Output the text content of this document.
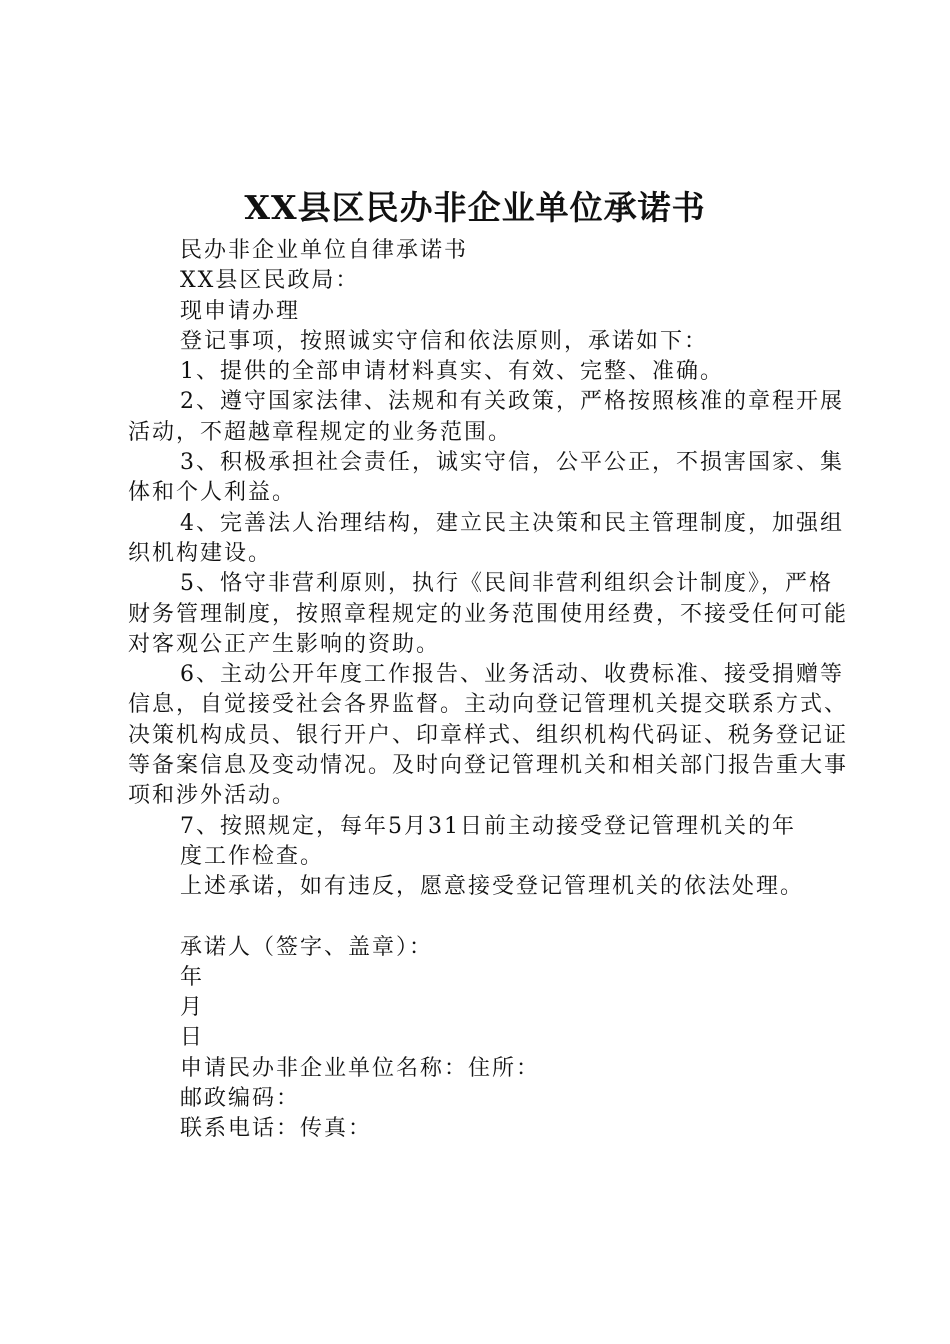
XX县区民办非企业单位承诺书
民办非企业单位自律承诺书
XX县区民政局：
现申请办理
登记事项，按照诚实守信和依法原则，承诺如下：
1、提供的全部申请材料真实、有效、完整、准确。
2、遵守国家法律、法规和有关政策，严格按照核准的章程开展活动，不超越章程规定的业务范围。
3、积极承担社会责任，诚实守信，公平公正，不损害国家、集体和个人利益。
4、完善法人治理结构，建立民主决策和民主管理制度，加强组织机构建设。
5、恪守非营利原则，执行《民间非营利组织会计制度》，严格财务管理制度，按照章程规定的业务范围使用经费，不接受任何可能对客观公正产生影响的资助。
6、主动公开年度工作报告、业务活动、收费标准、接受捐赠等信息，自觉接受社会各界监督。主动向登记管理机关提交联系方式、决策机构成员、银行开户、印章样式、组织机构代码证、税务登记证等备案信息及变动情况。及时向登记管理机关和相关部门报告重大事项和涉外活动。
7、按照规定，每年5月31日前主动接受登记管理机关的年
度工作检查。
上述承诺，如有违反，愿意接受登记管理机关的依法处理。
承诺人（签字、盖章）：
年
月
日
申请民办非企业单位名称：住所：
邮政编码：
联系电话：传真：
